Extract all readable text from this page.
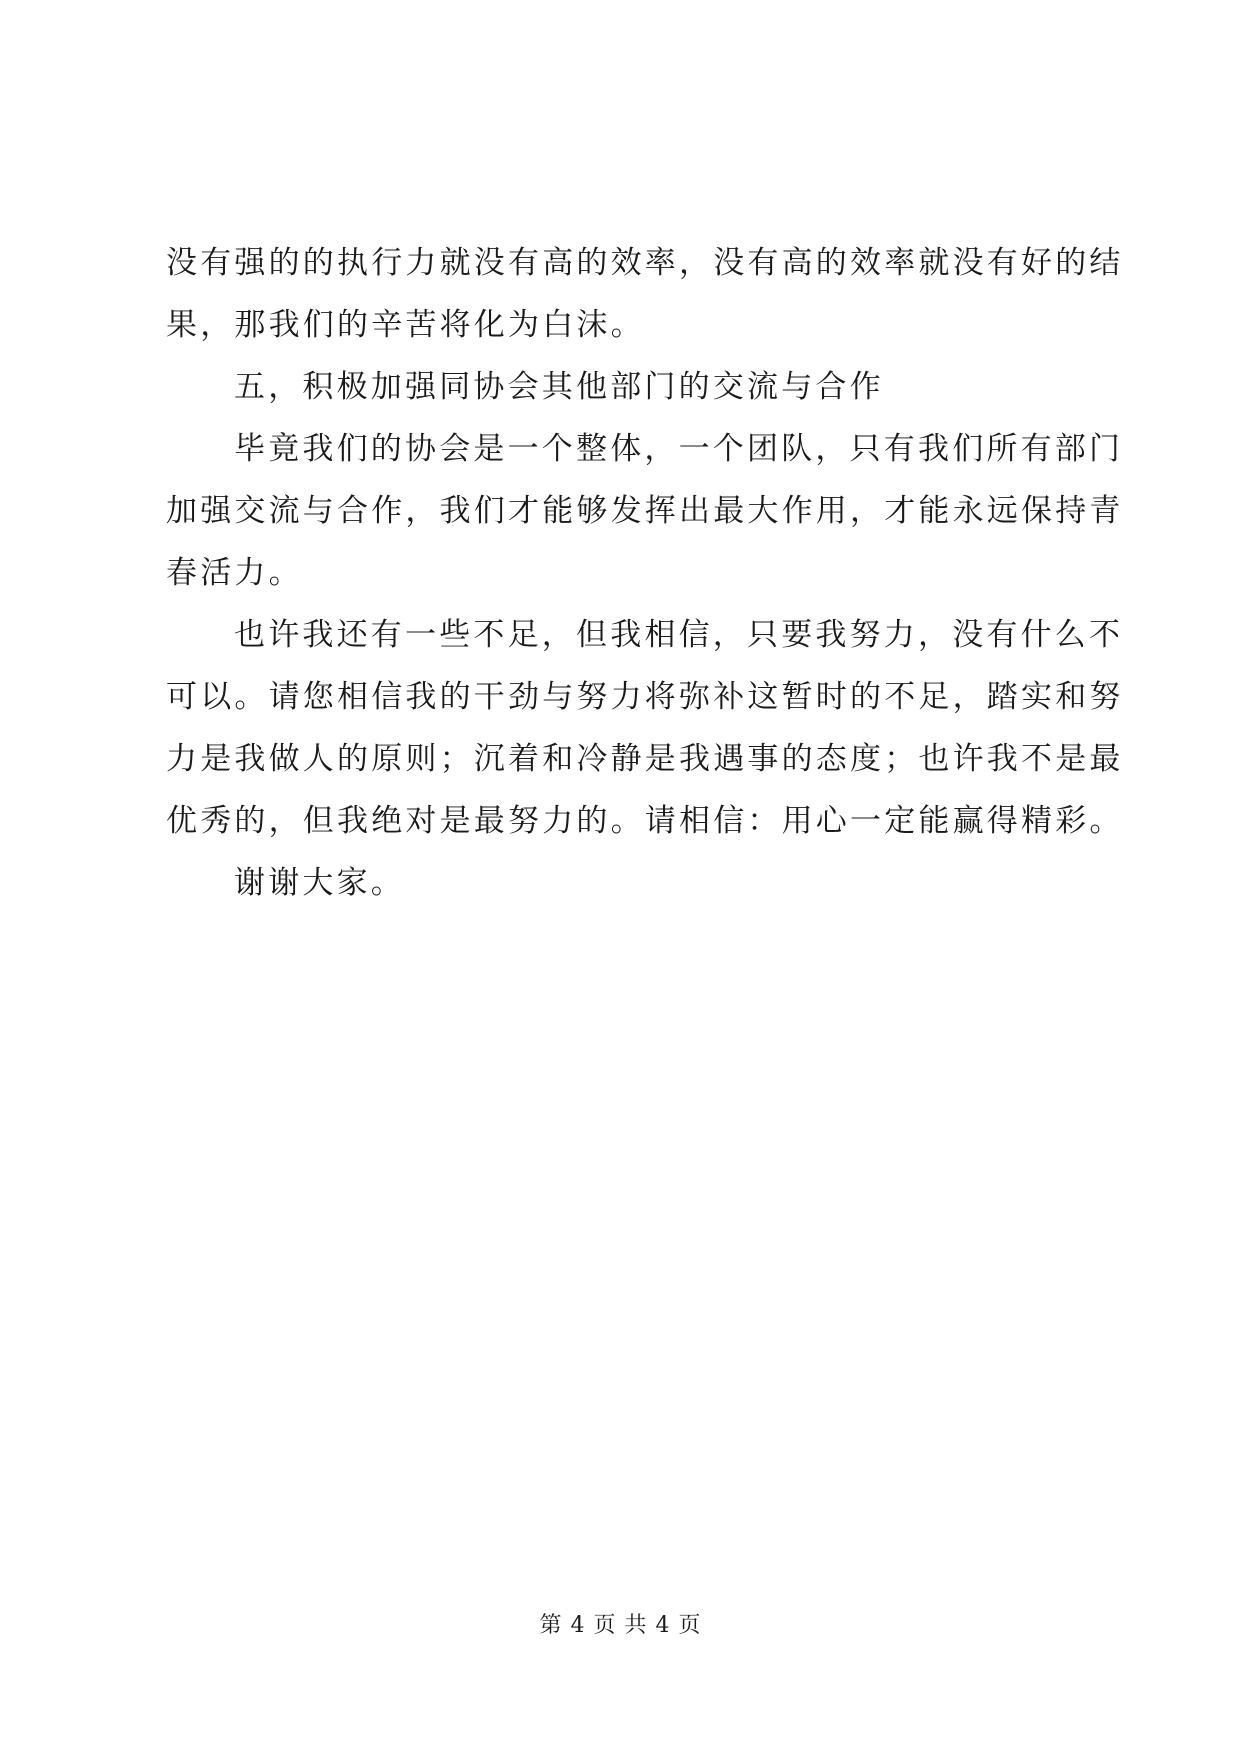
没有强的的执行力就没有高的效率，没有高的效率就没有好的结
果，那我们的辛苦将化为白沫。
五，积极加强同协会其他部门的交流与合作
毕竟我们的协会是一个整体，一个团队，只有我们所有部门
加强交流与合作，我们才能够发挥出最大作用，才能永远保持青
春活力。
也许我还有一些不足，但我相信，只要我努力，没有什么不
可以。请您相信我的干劲与努力将弥补这暂时的不足，踏实和努
力是我做人的原则；沉着和冷静是我遇事的态度；也许我不是最
优秀的，但我绝对是最努力的。请相信：用心一定能赢得精彩。
谢谢大家。
第 4 页 共 4 页
